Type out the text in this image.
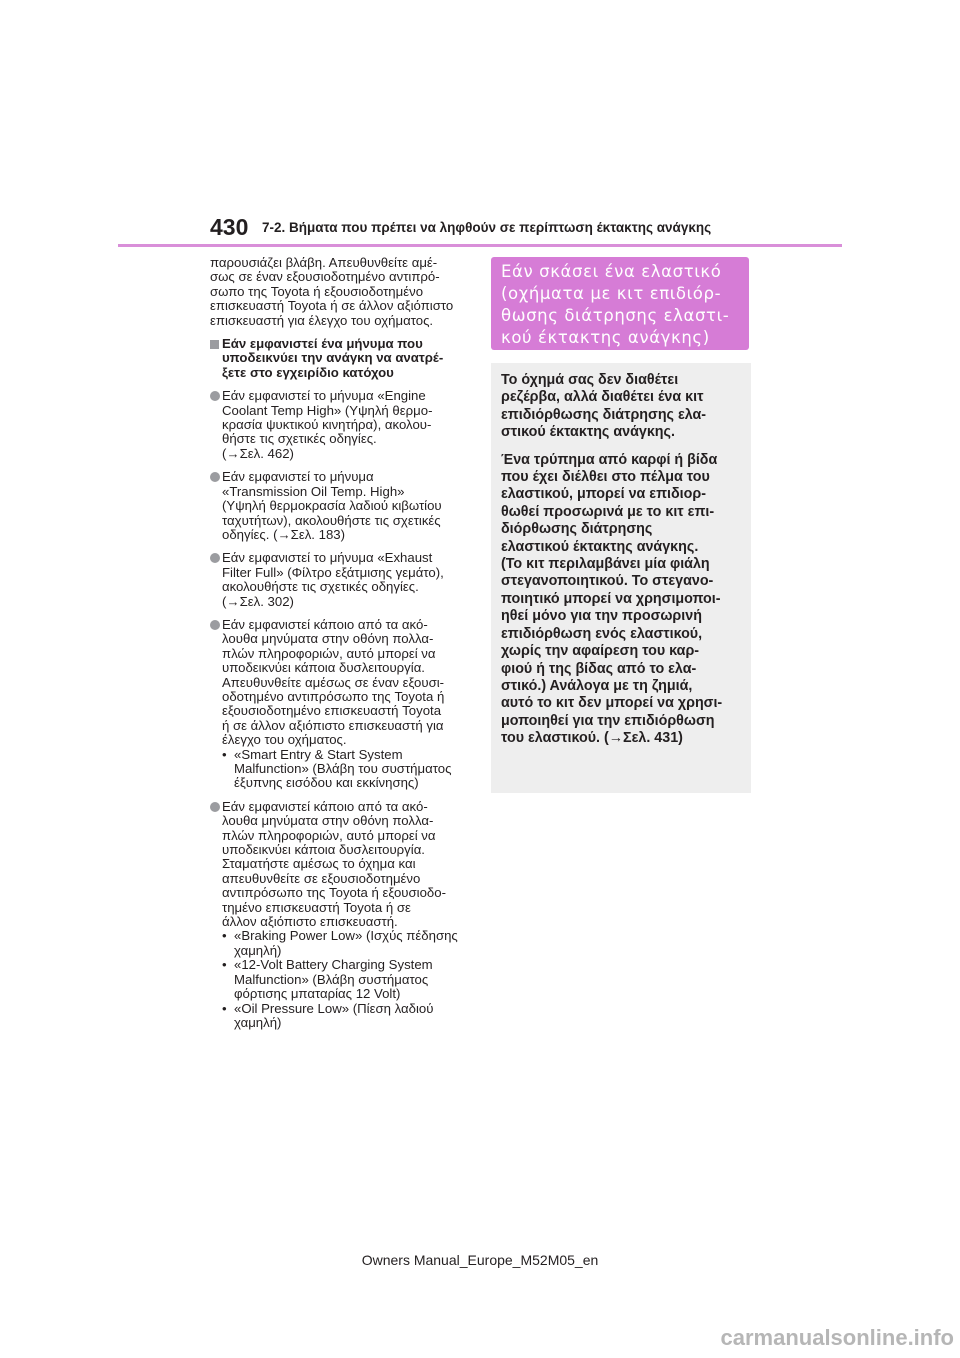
430 7-2. Βήματα που πρέπει να ληφθούν σε περίπτωση έκτακτης ανάγκης
παρουσιάζει βλάβη. Απευθυνθείτε αμέ-
σως σε έναν εξουσιοδοτημένο αντιπρό-
σωπο της Toyota ή εξουσιοδοτημένο
επισκευαστή Toyota ή σε άλλον αξιόπιστο
επισκευαστή για έλεγχο του οχήματος.
Εάν εμφανιστεί ένα μήνυμα που
υποδεικνύει την ανάγκη να ανατρέ-
ξετε στο εγχειρίδιο κατόχου
Εάν εμφανιστεί το μήνυμα «Engine
Coolant Temp High» (Υψηλή θερμο-
κρασία ψυκτικού κινητήρα), ακολου-
θήστε τις σχετικές οδηγίες.
(→Σελ. 462)
Εάν εμφανιστεί το μήνυμα
«Transmission Oil Temp. High»
(Υψηλή θερμοκρασία λαδιού κιβωτίου
ταχυτήτων), ακολουθήστε τις σχετικές
οδηγίες. (→Σελ. 183)
Εάν εμφανιστεί το μήνυμα «Exhaust
Filter Full» (Φίλτρο εξάτμισης γεμάτο),
ακολουθήστε τις σχετικές οδηγίες.
(→Σελ. 302)
Εάν εμφανιστεί κάποιο από τα ακό-
λουθα μηνύματα στην οθόνη πολλα-
πλών πληροφοριών, αυτό μπορεί να
υποδεικνύει κάποια δυσλειτουργία.
Απευθυνθείτε αμέσως σε έναν εξουσι-
οδοτημένο αντιπρόσωπο της Toyota ή
εξουσιοδοτημένο επισκευαστή Toyota
ή σε άλλον αξιόπιστο επισκευαστή για
έλεγχο του οχήματος.
• «Smart Entry & Start System
Malfunction» (Βλάβη του συστήματος
έξυπνης εισόδου και εκκίνησης)
Εάν εμφανιστεί κάποιο από τα ακό-
λουθα μηνύματα στην οθόνη πολλα-
πλών πληροφοριών, αυτό μπορεί να
υποδεικνύει κάποια δυσλειτουργία.
Σταματήστε αμέσως το όχημα και
απευθυνθείτε σε εξουσιοδοτημένο
αντιπρόσωπο της Toyota ή εξουσιοδο-
τημένο επισκευαστή Toyota ή σε
άλλον αξιόπιστο επισκευαστή.
• «Braking Power Low» (Ισχύς πέδησης
χαμηλή)
• «12-Volt Battery Charging System
Malfunction» (Βλάβη συστήματος
φόρτισης μπαταρίας 12 Volt)
• «Oil Pressure Low» (Πίεση λαδιού
χαμηλή)
Εάν σκάσει ένα ελαστικό
(οχήματα με κιτ επιδιόρ-
θωσης διάτρησης ελαστι-
κού έκτακτης ανάγκης)
Το όχημά σας δεν διαθέτει
ρεζέρβα, αλλά διαθέτει ένα κιτ
επιδιόρθωσης διάτρησης ελα-
στικού έκτακτης ανάγκης.
Ένα τρύπημα από καρφί ή βίδα
που έχει διέλθει στο πέλμα του
ελαστικού, μπορεί να επιδιορ-
θωθεί προσωρινά με το κιτ επι-
διόρθωσης διάτρησης
ελαστικού έκτακτης ανάγκης.
(Το κιτ περιλαμβάνει μία φιάλη
στεγανοποιητικού. Το στεγανο-
ποιητικό μπορεί να χρησιμοποι-
ηθεί μόνο για την προσωρινή
επιδιόρθωση ενός ελαστικού,
χωρίς την αφαίρεση του καρ-
φιού ή της βίδας από το ελα-
στικό.) Ανάλογα με τη ζημιά,
αυτό το κιτ δεν μπορεί να χρησι-
μοποιηθεί για την επιδιόρθωση
του ελαστικού. (→Σελ. 431)
Owners Manual_Europe_M52M05_en
carmanualsonline.info
